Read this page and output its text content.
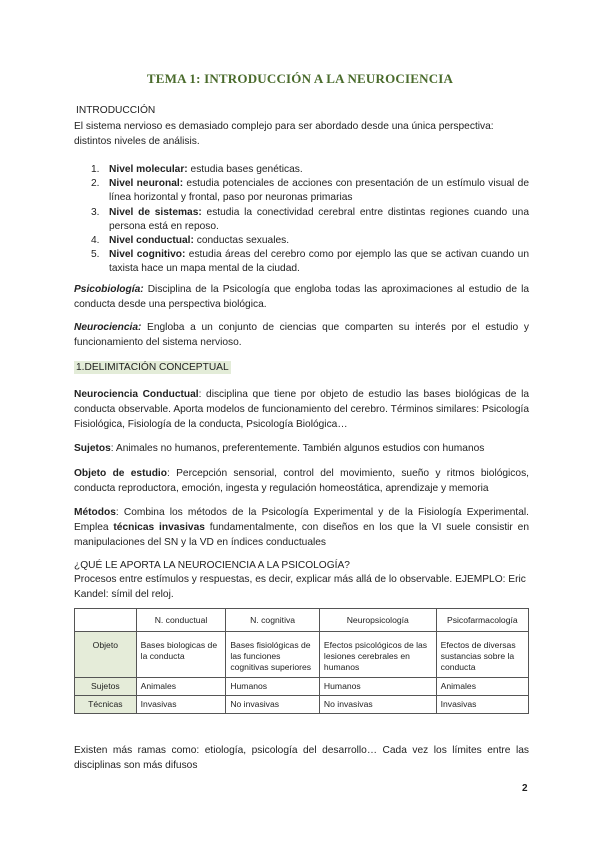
TEMA 1: INTRODUCCIÓN A LA NEUROCIENCIA
INTRODUCCIÓN
El sistema nervioso es demasiado complejo para ser abordado desde una única perspectiva: distintos niveles de análisis.
1. Nivel molecular: estudia bases genéticas.
2. Nivel neuronal: estudia potenciales de acciones con presentación de un estímulo visual de línea horizontal y frontal, paso por neuronas primarias
3. Nivel de sistemas: estudia la conectividad cerebral entre distintas regiones cuando una persona está en reposo.
4. Nivel conductual: conductas sexuales.
5. Nivel cognitivo: estudia áreas del cerebro como por ejemplo las que se activan cuando un taxista hace un mapa mental de la ciudad.
Psicobiología: Disciplina de la Psicología que engloba todas las aproximaciones al estudio de la conducta desde una perspectiva biológica.
Neurociencia: Engloba a un conjunto de ciencias que comparten su interés por el estudio y funcionamiento del sistema nervioso.
1.DELIMITACIÓN CONCEPTUAL
Neurociencia Conductual: disciplina que tiene por objeto de estudio las bases biológicas de la conducta observable. Aporta modelos de funcionamiento del cerebro. Términos similares: Psicología Fisiológica, Fisiología de la conducta, Psicología Biológica…
Sujetos: Animales no humanos, preferentemente. También algunos estudios con humanos
Objeto de estudio: Percepción sensorial, control del movimiento, sueño y ritmos biológicos, conducta reproductora, emoción, ingesta y regulación homeostática, aprendizaje y memoria
Métodos: Combina los métodos de la Psicología Experimental y de la Fisiología Experimental. Emplea técnicas invasivas fundamentalmente, con diseños en los que la VI suele consistir en manipulaciones del SN y la VD en índices conductuales
¿QUÉ LE APORTA LA NEUROCIENCIA A LA PSICOLOGÍA?
Procesos entre estímulos y respuestas, es decir, explicar más allá de lo observable. EJEMPLO: Eric Kandel: símil del reloj.
	N. conductual	N. cognitiva	Neuropsicología	Psicofarmacología
Objeto	Bases biologicas de la conducta	Bases fisiológicas de las funciones cognitivas superiores	Efectos psicológicos de las lesiones cerebrales en humanos	Efectos de diversas sustancias sobre la conducta
Sujetos	Animales	Humanos	Humanos	Animales
Técnicas	Invasivas	No invasivas	No invasivas	Invasivas
Existen más ramas como: etiología, psicología del desarrollo… Cada vez los límites entre las disciplinas son más difusos
2
